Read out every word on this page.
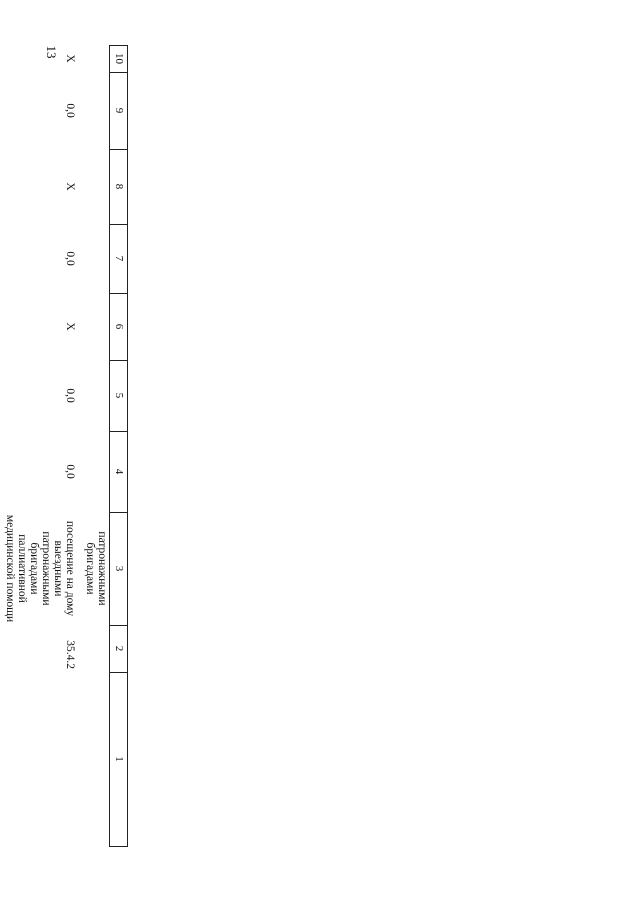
13	10
9
8
7
6
5
4
3
2
1
патронажными бригадами
X
0,0
X
0,0
X
0,0
0,0
посещение на дому выездными патронажными бригадами паллиативной медицинской помощи
35.4.2
